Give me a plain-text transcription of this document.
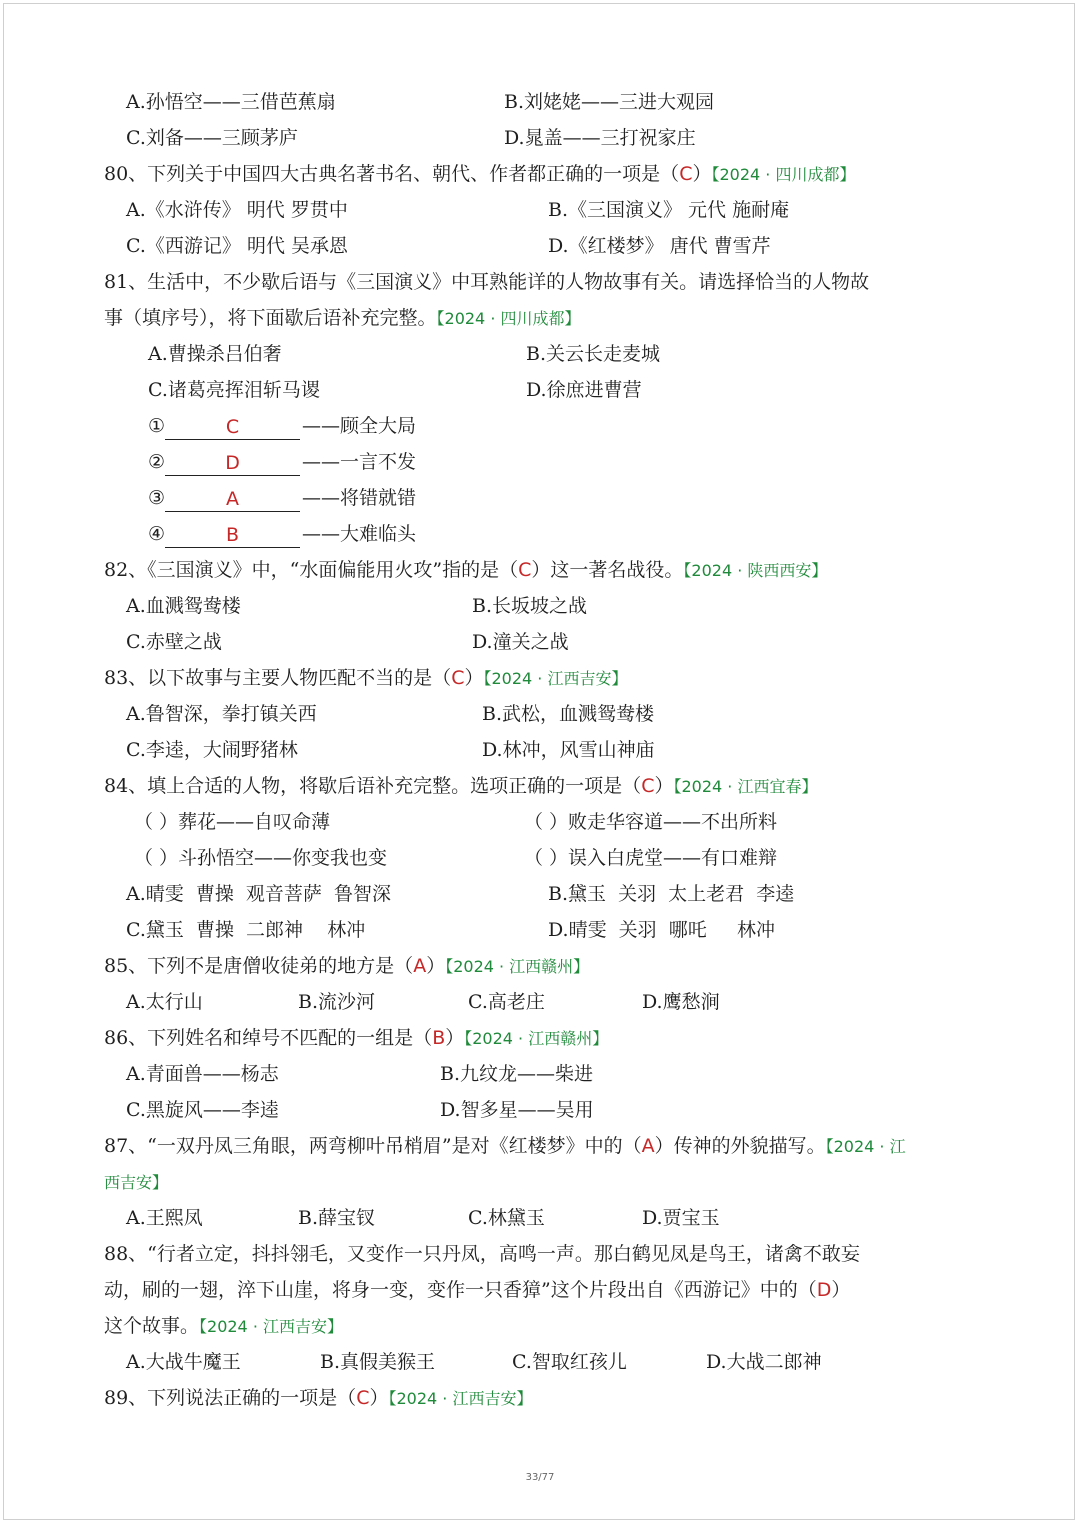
A.孙悟空——三借芭蕉扇	B.刘姥姥——三进大观园
C.刘备——三顾茅庐	D.晁盖——三打祝家庄
80、下列关于中国四大古典名著书名、朝代、作者都正确的一项是（C）【2024 · 四川成都】
A.《水浒传》 明代 罗贯中	B.《三国演义》 元代 施耐庵
C.《西游记》 明代 吴承恩	D.《红楼梦》 唐代 曹雪芹
81、生活中，不少歇后语与《三国演义》中耳熟能详的人物故事有关。请选择恰当的人物故
事（填序号），将下面歇后语补充完整。【2024 · 四川成都】
A.曹操杀吕伯奢	B.关云长走麦城
C.诸葛亮挥泪斩马谡	D.徐庶进曹营
①	C	——顾全大局
②	D	——一言不发
③	A	——将错就错
④	B	——大难临头
82、《三国演义》中，“水面偏能用火攻”指的是（C）这一著名战役。【2024 · 陕西西安】
A.血溅鸳鸯楼	B.长坂坡之战
C.赤壁之战	D.潼关之战
83、以下故事与主要人物匹配不当的是（C）【2024 · 江西吉安】
A.鲁智深，拳打镇关西	B.武松，血溅鸳鸯楼
C.李逵，大闹野猪林	D.林冲，风雪山神庙
84、填上合适的人物，将歇后语补充完整。选项正确的一项是（C）【2024 · 江西宜春】
（ ）葬花——自叹命薄	（ ）败走华容道——不出所料
（ ）斗孙悟空——你变我也变	（ ）误入白虎堂——有口难辩
A.晴雯  曹操  观音菩萨  鲁智深	B.黛玉  关羽  太上老君  李逵
C.黛玉  曹操  二郎神    林冲	D.晴雯  关羽  哪吒     林冲
85、下列不是唐僧收徒弟的地方是（A）【2024 · 江西赣州】
A.太行山	B.流沙河	C.高老庄	D.鹰愁涧
86、下列姓名和绰号不匹配的一组是（B）【2024 · 江西赣州】
A.青面兽——杨志	B.九纹龙——柴进
C.黑旋风——李逵	D.智多星——吴用
87、“一双丹凤三角眼，两弯柳叶吊梢眉”是对《红楼梦》中的（A）传神的外貌描写。【2024 · 江
西吉安】
A.王熙凤	B.薛宝钗	C.林黛玉	D.贾宝玉
88、“行者立定，抖抖翎毛，又变作一只丹凤，高鸣一声。那白鹤见凤是鸟王，诸禽不敢妄
动，刷的一翅，淬下山崖，将身一变，变作一只香獐”这个片段出自《西游记》中的（D）
这个故事。【2024 · 江西吉安】
A.大战牛魔王	B.真假美猴王	C.智取红孩儿	D.大战二郎神
89、下列说法正确的一项是（C）【2024 · 江西吉安】
33/77
